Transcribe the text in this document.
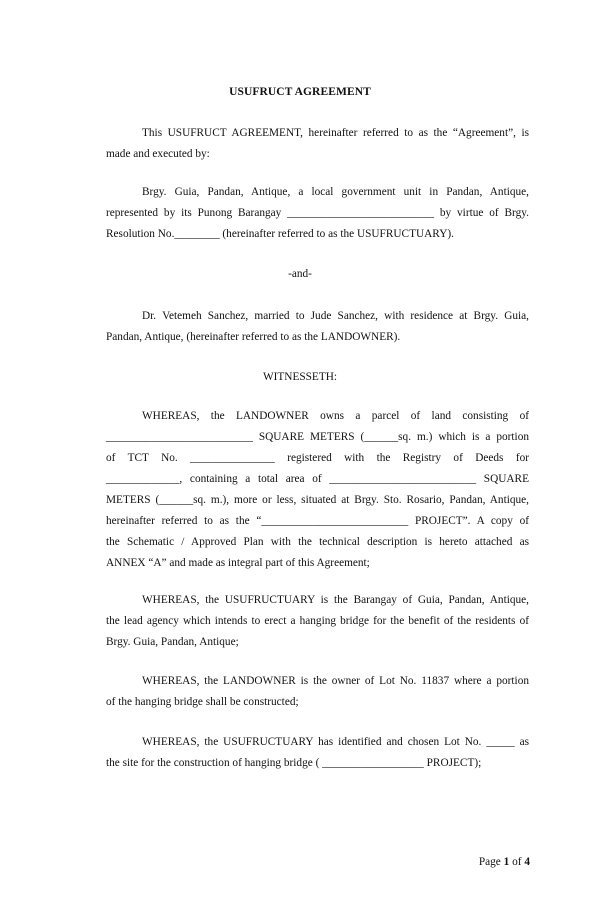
USUFRUCT AGREEMENT
This USUFRUCT AGREEMENT, hereinafter referred to as the “Agreement”, is
made and executed by:
Brgy. Guia, Pandan, Antique, a local government unit in Pandan, Antique,
represented by its Punong Barangay __________________________ by virtue of Brgy.
Resolution No.________ (hereinafter referred to as the USUFRUCTUARY).
-and-
Dr. Vetemeh Sanchez, married to Jude Sanchez, with residence at Brgy. Guia,
Pandan, Antique, (hereinafter referred to as the LANDOWNER).
WITNESSETH:
WHEREAS, the LANDOWNER owns a parcel of land consisting of
__________________________ SQUARE METERS (______sq. m.) which is a portion
of TCT No. _______________ registered with the Registry of Deeds for
_____________, containing a total area of __________________________ SQUARE
METERS (______sq. m.), more or less, situated at Brgy. Sto. Rosario, Pandan, Antique,
hereinafter referred to as the “__________________________ PROJECT”. A copy of
the Schematic / Approved Plan with the technical description is hereto attached as
ANNEX “A” and made as integral part of this Agreement;
WHEREAS, the USUFRUCTUARY is the Barangay of Guia, Pandan, Antique,
the lead agency which intends to erect a hanging bridge for the benefit of the residents of
Brgy. Guia, Pandan, Antique;
WHEREAS, the LANDOWNER is the owner of Lot No. 11837 where a portion
of the hanging bridge shall be constructed;
WHEREAS, the USUFRUCTUARY has identified and chosen Lot No. _____ as
the site for the construction of hanging bridge ( __________________ PROJECT);
Page 1 of 4
